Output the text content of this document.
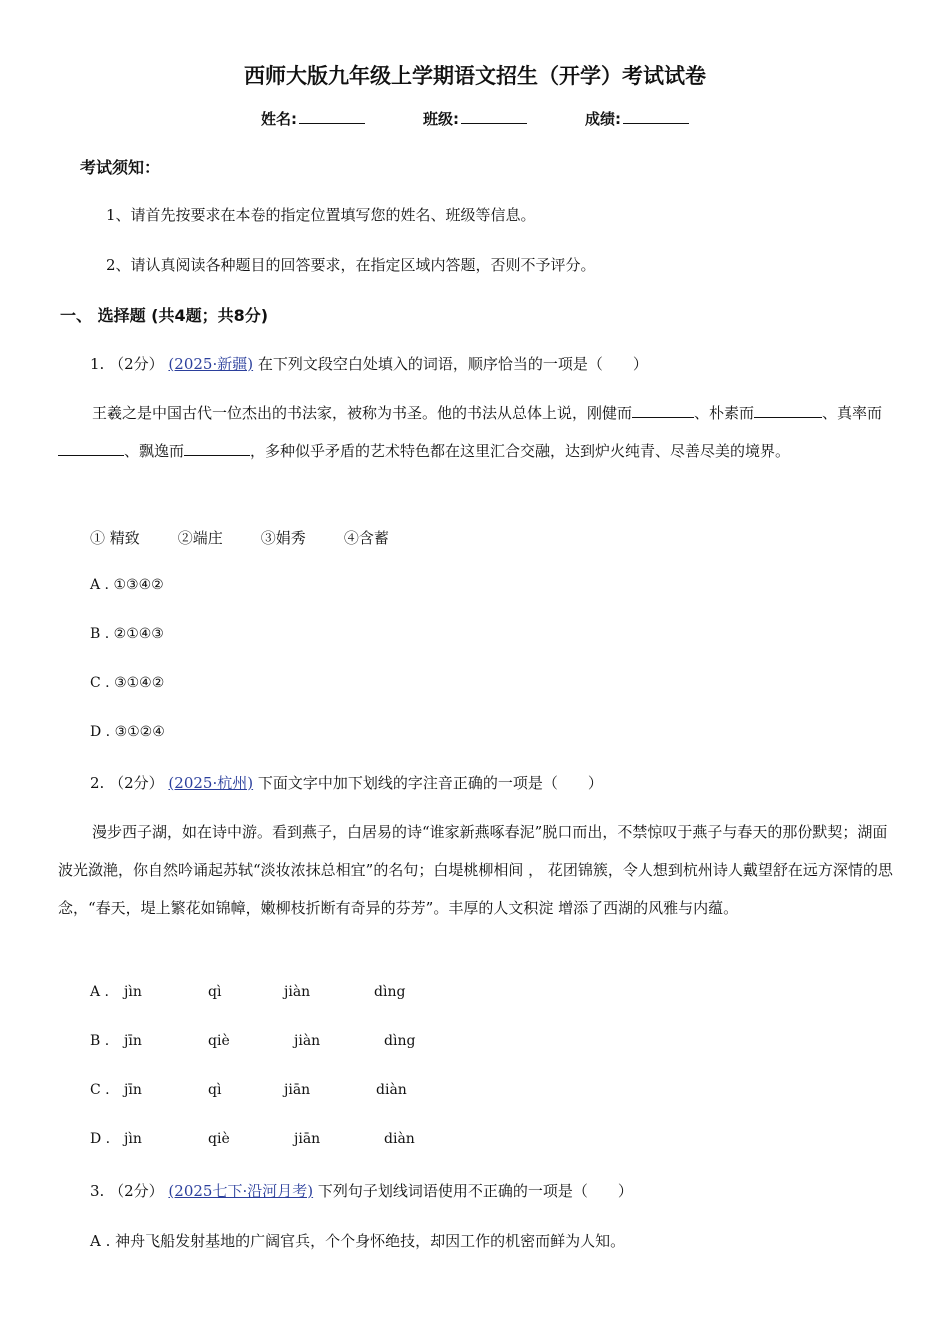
西师大版九年级上学期语文招生（开学）考试试卷
姓名:	班级:	成绩:
考试须知：
1、请首先按要求在本卷的指定位置填写您的姓名、班级等信息。
2、请认真阅读各种题目的回答要求，在指定区域内答题，否则不予评分。
一、 选择题 (共4题；共8分)
1. （2分） (2025·新疆) 在下列文段空白处填入的词语，顺序恰当的一项是（　　）
王羲之是中国古代一位杰出的书法家，被称为书圣。他的书法从总体上说，刚健而	、朴素而	、真率而、飘逸而	，多种似乎矛盾的艺术特色都在这里汇合交融，达到炉火纯青、尽善尽美的境界。
① 精致	②端庄	③娟秀	④含蓄
A . ①③④②
B . ②①④③
C . ③①④②
D . ③①②④
2. （2分） (2025·杭州) 下面文字中加下划线的字注音正确的一项是（　　）
漫步西子湖，如在诗中游。看到燕子，白居易的诗“谁家新燕啄春泥”脱口而出，不禁惊叹于燕子与春天的那份默契；湖面波光潋滟，你自然吟诵起苏轼“淡妆浓抹总相宜”的名句；白堤桃柳相间 ， 花团锦簇，令人想到杭州诗人戴望舒在远方深情的思念，“春天，堤上繁花如锦幛，嫩柳枝折断有奇异的芬芳”。丰厚的人文积淀 增添了西湖的风雅与内蕴。
A . jìn	qì	jiàn	dìng
B . jīn	qiè	jiàn	dìng
C . jīn	qì	jiān	diàn
D . jìn	qiè	jiān	diàn
3. （2分） (2025七下·沿河月考) 下列句子划线词语使用不正确的一项是（　　）
A . 神舟飞船发射基地的广阔官兵，个个身怀绝技，却因工作的机密而鲜为人知。
